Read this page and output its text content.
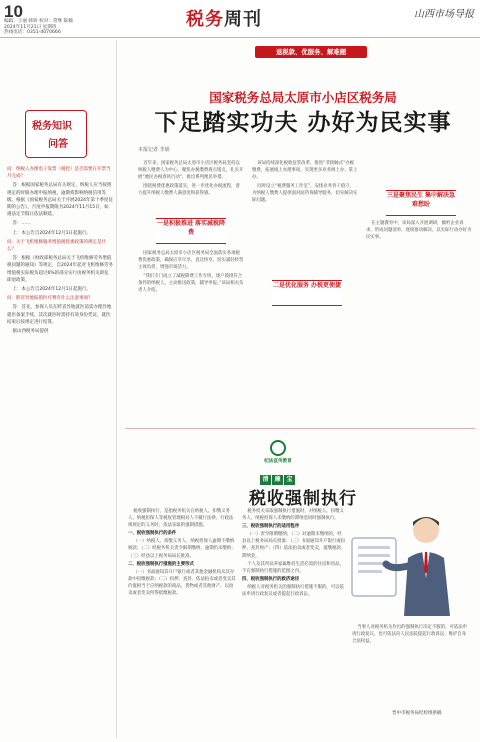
10
编辑：王丽 韩妍 校对：常继 陈楠
2024年11月21日 星期四
热线电话：0351-4070666
税务周刊	山西市场导报
税务知识
问答

问：纳税人办理电子发票（税控）是否需要在开票当月完成？

答：根据国家税务总局有关规定，纳税人应当按照规定的时限办理申报纳税，逾期将影响纳税信用等级。根据《国家税务总局关于开展2024年第十季度征期的公告》，月度申报期限为2024年11月15日，如遇法定节假日依法顺延。

答：……

上：本公告自2024年12月1日起施行。

问：关于飞机维修服务增值税优惠政策的规定是什么？

答：根据《财政部税务总局关于飞机维修劳务增值税问题的通知》等规定，自2024年起对飞机维修劳务增值税实际税负超过6%的部分实行由税务机关即征即退政策。

上：本公告自2024年12月1日起施行。

问：跨省异地报销医疗费有什么注意事项？

答：首先，参保人员在跨省异地就医前需办理异地就医备案手续，其次就医时需持有效身份凭证，就医结束后按规定进行结算。

据山西税务局提供

退税款、优服务、解难题
国家税务总局太原市小店区税务局
下足踏实功夫 办好为民实事
本报记者 李娟

近年来，国家税务总局太原市小店区税务局坚持以纳税人缴费人为中心，聚焦办税缴费难点堵点，扎实开展“便民办税春风行动”，推出系列便民举措。

围绕税费优惠政策落实，进一步优化办税流程，着力提升纳税人缴费人满意度和获得感。

一是积极推进 落实减税降费

国家税务总局太原市小店区税务局全面落实各项税费优惠政策，确保应享尽享、直达快享，切实减轻经营主体负担，增强市场活力。

“我们专门成立了减税降费工作专班，逐户摸排符合条件的纳税人，主动推送政策，辅导申报。”该局相关负责人介绍。

该局持续深化税收征管改革，推进“非接触式”办税缴费，拓展线上办理事项，实现更多业务网上办、掌上办。

同时设立“税费服务工作室”，安排业务骨干值守，为纳税人缴费人提供面对面咨询辅导服务，切实解决实际问题。

二是优化服务 办税更便捷

在主题教育中，该局深入开展调研，倾听企业诉求，形成问题清单，逐项推动解决，以实际行动办好为民实事。

三是聚焦民生 集中解决急难愁盼
纪法宣传教育
清 廉 宝
税收强制执行

税收强制执行，是指税务机关在纳税人、扣缴义务人、纳税担保人等税收管理相对人不履行法律、行政法规规定的义务时，依法采取的强制措施。

一、税收强制执行的条件

（一）纳税人、扣缴义务人、纳税担保人逾期不缴纳税款；（二）经税务机关责令限期缴纳，逾期仍未缴纳；（三）经县以上税务局局长批准。

二、税收强制执行措施的主要形式

（一）书面通知其开户银行或者其他金融机构从其存款中扣缴税款；（二）扣押、查封、依法拍卖或者变卖其价值相当于应纳税款的商品、货物或者其他财产，以拍卖或者变卖所得抵缴税款。

税务机关采取强制执行措施时，对纳税人、扣缴义务人、纳税担保人未缴纳的滞纳金同时强制执行。

三、税收强制执行的适用程序

（一）责令限期缴纳；（二）对逾期未缴纳的，经县以上税务局局长批准；（三）书面通知开户银行或扣押、查封财产；（四）依法拍卖或者变卖，抵缴税款、滞纳金。

个人及其所扶养家属维持生活必需的住房和用品，不在强制执行措施的范围之内。

四、税收强制执行的救济途径

纳税人对税务机关的强制执行措施不服的，可以依法申请行政复议或者提起行政诉讼。

当事人对税务机关作出的强制执行决定不服的，可依法申请行政复议，也可依法向人民法院提起行政诉讼，维护自身合法权益。

晋中市税务局纪检组供稿
